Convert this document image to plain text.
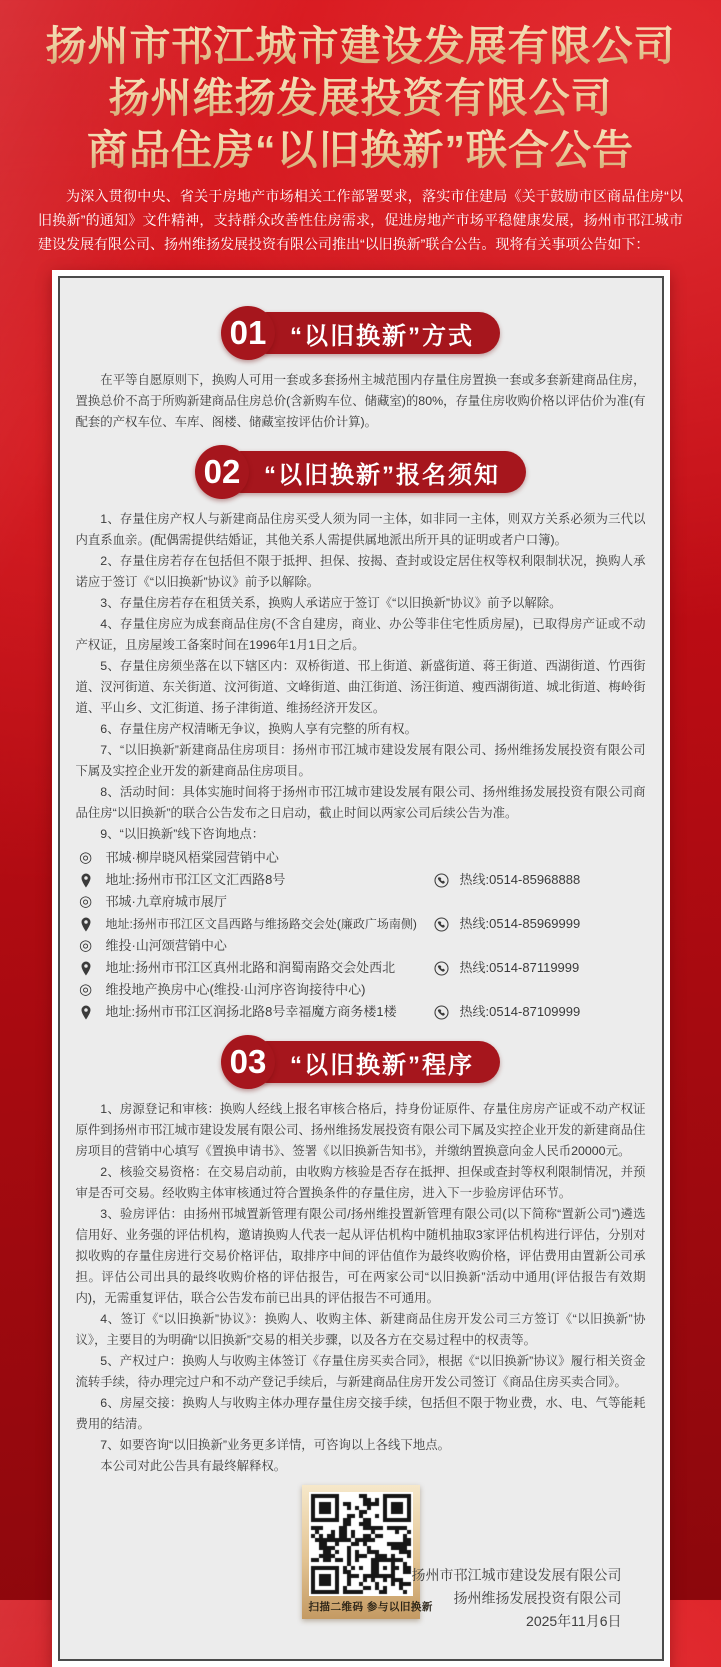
扬州市邗江城市建设发展有限公司
扬州维扬发展投资有限公司
商品住房“以旧换新”联合公告

为深入贯彻中央、省关于房地产市场相关工作部署要求，落实市住建局《关于鼓励市区商品住房“以旧换新”的通知》文件精神，支持群众改善性住房需求，促进房地产市场平稳健康发展，扬州市邗江城市建设发展有限公司、扬州维扬发展投资有限公司推出“以旧换新”联合公告。现将有关事项公告如下：

01 “以旧换新”方式

在平等自愿原则下，换购人可用一套或多套扬州主城范围内存量住房置换一套或多套新建商品住房，置换总价不高于所购新建商品住房总价(含新购车位、储藏室)的80%，存量住房收购价格以评估价为准(有配套的产权车位、车库、阁楼、储藏室按评估价计算)。

02 “以旧换新”报名须知

1、存量住房产权人与新建商品住房买受人须为同一主体，如非同一主体，则双方关系必须为三代以内直系血亲。(配偶需提供结婚证，其他关系人需提供属地派出所开具的证明或者户口簿)。

2、存量住房若存在包括但不限于抵押、担保、按揭、查封或设定居住权等权利限制状况，换购人承诺应于签订《“以旧换新”协议》前予以解除。

3、存量住房若存在租赁关系，换购人承诺应于签订《“以旧换新”协议》前予以解除。

4、存量住房应为成套商品住房(不含自建房，商业、办公等非住宅性质房屋)，已取得房产证或不动产权证，且房屋竣工备案时间在1996年1月1日之后。

5、存量住房须坐落在以下辖区内：双桥街道、邗上街道、新盛街道、蒋王街道、西湖街道、竹西街道、汊河街道、东关街道、汶河街道、文峰街道、曲江街道、汤汪街道、瘦西湖街道、城北街道、梅岭街道、平山乡、文汇街道、扬子津街道、维扬经济开发区。

6、存量住房产权清晰无争议，换购人享有完整的所有权。

7、“以旧换新”新建商品住房项目：扬州市邗江城市建设发展有限公司、扬州维扬发展投资有限公司下属及实控企业开发的新建商品住房项目。

8、活动时间：具体实施时间将于扬州市邗江城市建设发展有限公司、扬州维扬发展投资有限公司商品住房“以旧换新”的联合公告发布之日启动，截止时间以两家公司后续公告为准。

9、“以旧换新”线下咨询地点：

◎ 邗城·柳岸晓风梧棠园营销中心
地址:扬州市邗江区文汇西路8号	热线:0514-85968888
◎ 邗城·九章府城市展厅
地址:扬州市邗江区文昌西路与维扬路交会处(廉政广场南侧)	热线:0514-85969999
◎ 维投·山河颂营销中心
地址:扬州市邗江区真州北路和润蜀南路交会处西北	热线:0514-87119999
◎ 维投地产换房中心(维投·山河序咨询接待中心)
地址:扬州市邗江区润扬北路8号幸福魔方商务楼1楼	热线:0514-87109999
03 “以旧换新”程序

1、房源登记和审核：换购人经线上报名审核合格后，持身份证原件、存量住房房产证或不动产权证原件到扬州市邗江城市建设发展有限公司、扬州维扬发展投资有限公司下属及实控企业开发的新建商品住房项目的营销中心填写《置换申请书》、签署《以旧换新告知书》，并缴纳置换意向金人民币20000元。

2、核验交易资格：在交易启动前，由收购方核验是否存在抵押、担保或查封等权利限制情况，并预审是否可交易。经收购主体审核通过符合置换条件的存量住房，进入下一步验房评估环节。

3、验房评估：由扬州邗城置新管理有限公司/扬州维投置新管理有限公司(以下简称“置新公司”)遴选信用好、业务强的评估机构，邀请换购人代表一起从评估机构中随机抽取3家评估机构进行评估，分别对拟收购的存量住房进行交易价格评估，取排序中间的评估值作为最终收购价格，评估费用由置新公司承担。评估公司出具的最终收购价格的评估报告，可在两家公司“以旧换新”活动中通用(评估报告有效期内)，无需重复评估，联合公告发布前已出具的评估报告不可通用。

4、签订《“以旧换新”协议》：换购人、收购主体、新建商品住房开发公司三方签订《“以旧换新”协议》，主要目的为明确“以旧换新”交易的相关步骤，以及各方在交易过程中的权责等。

5、产权过户：换购人与收购主体签订《存量住房买卖合同》，根据《“以旧换新”协议》履行相关资金流转手续，待办理完过户和不动产登记手续后，与新建商品住房开发公司签订《商品住房买卖合同》。

6、房屋交接：换购人与收购主体办理存量住房交接手续，包括但不限于物业费，水、电、气等能耗费用的结清。

7、如要咨询“以旧换新”业务更多详情，可咨询以上各线下地点。

本公司对此公告具有最终解释权。

扫描二维码 参与以旧换新
扬州市邗江城市建设发展有限公司
扬州维扬发展投资有限公司
2025年11月6日
